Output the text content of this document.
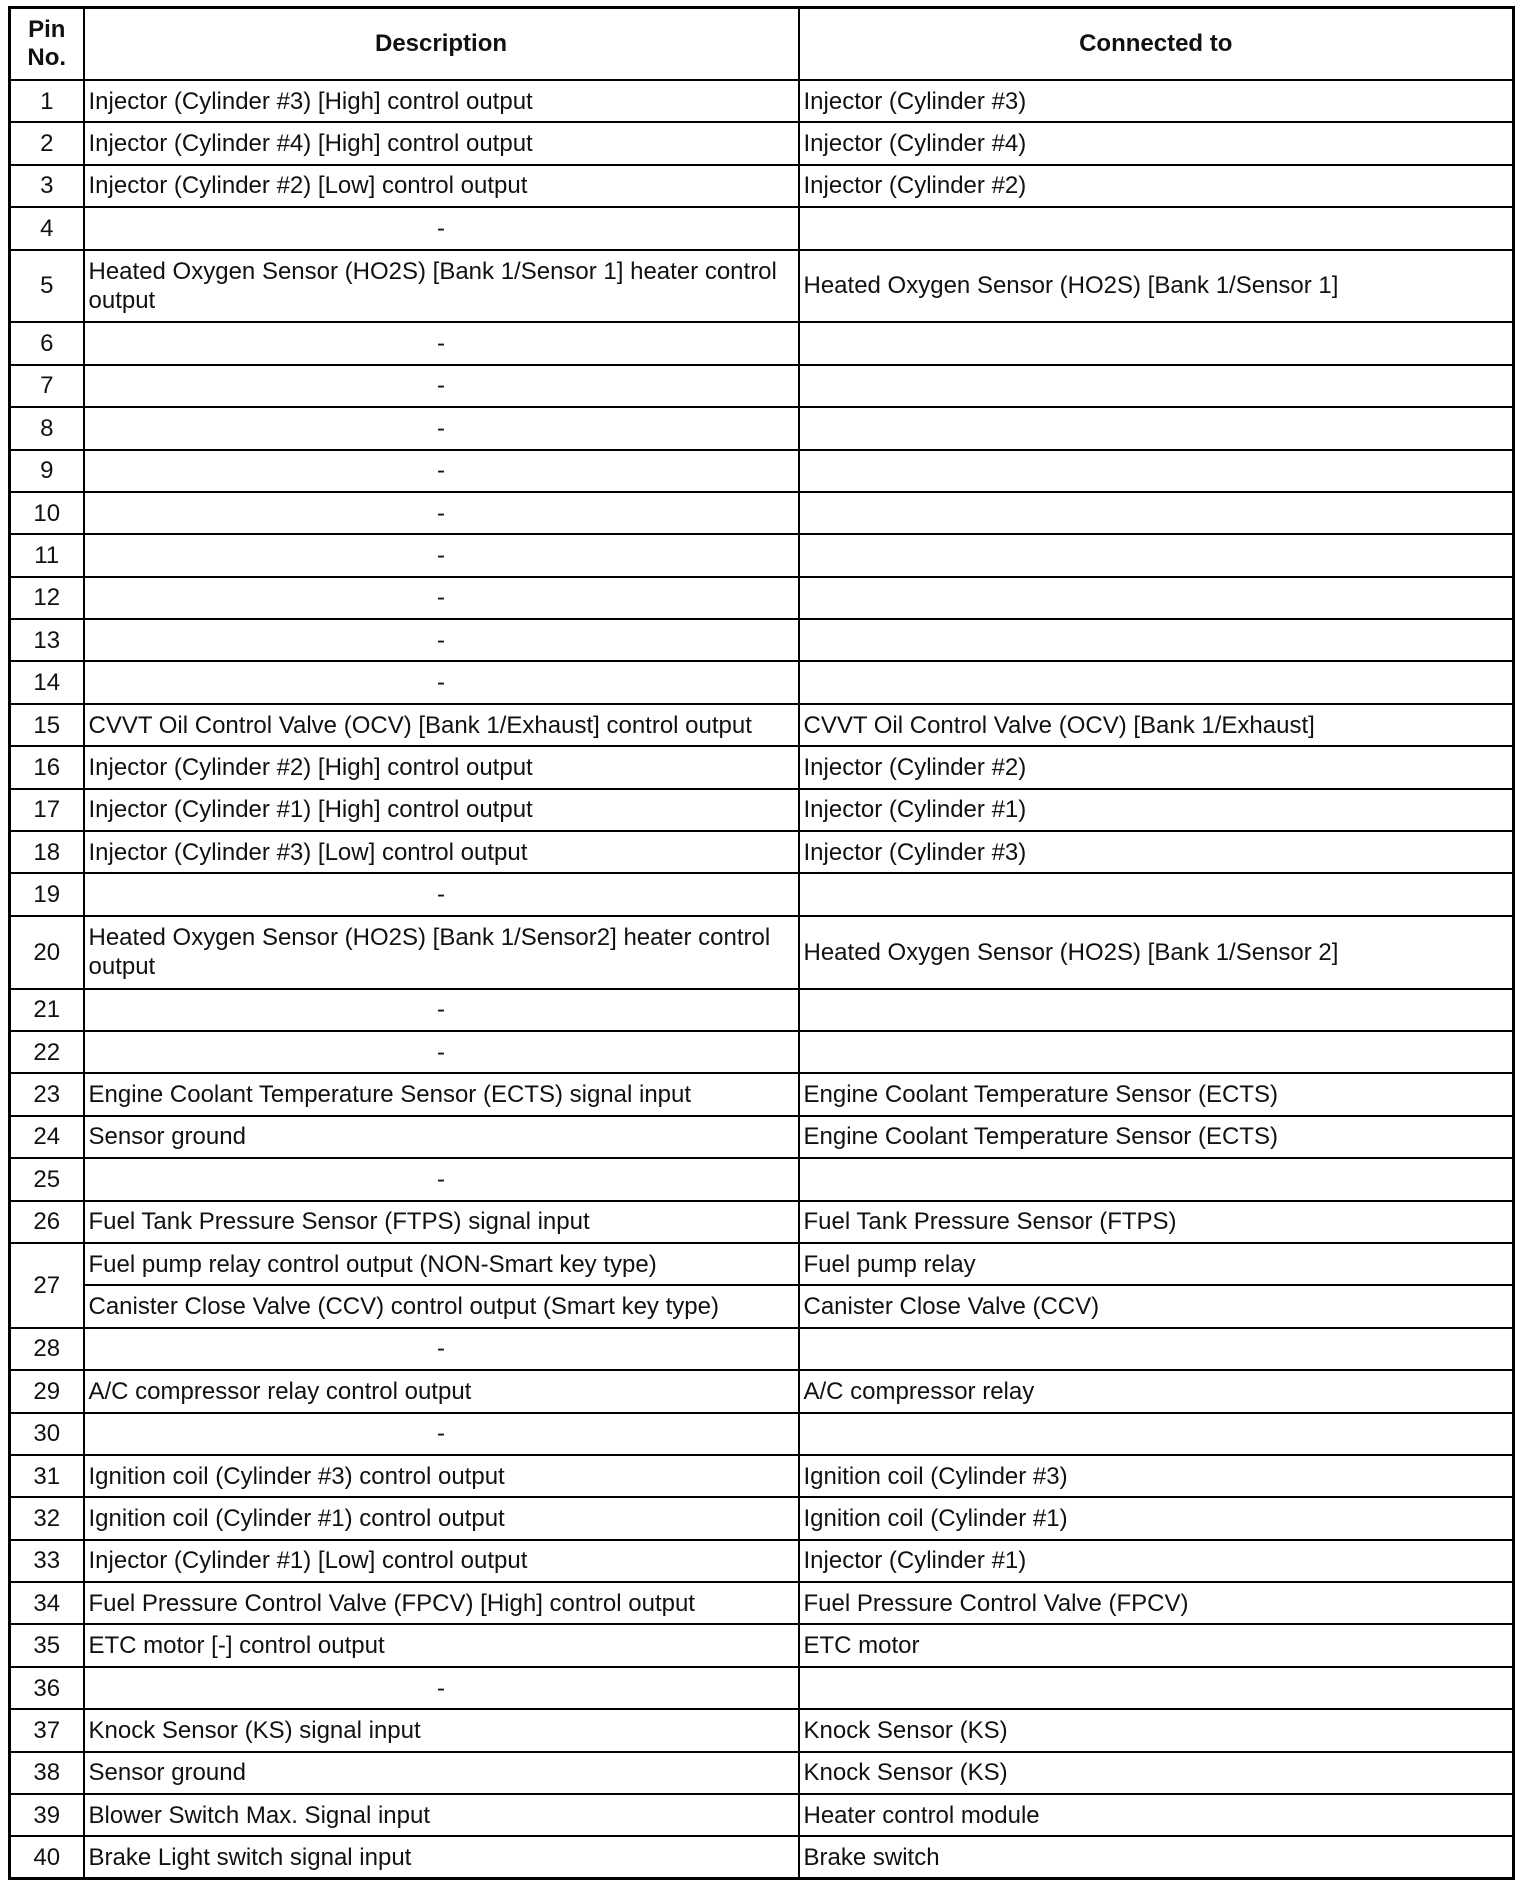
Pin
No.	Description	Connected to
1	Injector (Cylinder #3) [High] control output	Injector (Cylinder #3)
2	Injector (Cylinder #4) [High] control output	Injector (Cylinder #4)
3	Injector (Cylinder #2) [Low] control output	Injector (Cylinder #2)
4	-	
5	Heated Oxygen Sensor (HO2S) [Bank 1/Sensor 1] heater control output	Heated Oxygen Sensor (HO2S) [Bank 1/Sensor 1]
6	-	
7	-	
8	-	
9	-	
10	-	
11	-	
12	-	
13	-	
14	-	
15	CVVT Oil Control Valve (OCV) [Bank 1/Exhaust] control output	CVVT Oil Control Valve (OCV) [Bank 1/Exhaust]
16	Injector (Cylinder #2) [High] control output	Injector (Cylinder #2)
17	Injector (Cylinder #1) [High] control output	Injector (Cylinder #1)
18	Injector (Cylinder #3) [Low] control output	Injector (Cylinder #3)
19	-	
20	Heated Oxygen Sensor (HO2S) [Bank 1/Sensor2] heater control output	Heated Oxygen Sensor (HO2S) [Bank 1/Sensor 2]
21	-	
22	-	
23	Engine Coolant Temperature Sensor (ECTS) signal input	Engine Coolant Temperature Sensor (ECTS)
24	Sensor ground	Engine Coolant Temperature Sensor (ECTS)
25	-	
26	Fuel Tank Pressure Sensor (FTPS) signal input	Fuel Tank Pressure Sensor (FTPS)
27	Fuel pump relay control output (NON-Smart key type)	Fuel pump relay
	Canister Close Valve (CCV) control output (Smart key type)	Canister Close Valve (CCV)
28	-	
29	A/C compressor relay control output	A/C compressor relay
30	-	
31	Ignition coil (Cylinder #3) control output	Ignition coil (Cylinder #3)
32	Ignition coil (Cylinder #1) control output	Ignition coil (Cylinder #1)
33	Injector (Cylinder #1) [Low] control output	Injector (Cylinder #1)
34	Fuel Pressure Control Valve (FPCV) [High] control output	Fuel Pressure Control Valve (FPCV)
35	ETC motor [-] control output	ETC motor
36	-	
37	Knock Sensor (KS) signal input	Knock Sensor (KS)
38	Sensor ground	Knock Sensor (KS)
39	Blower Switch Max. Signal input	Heater control module
40	Brake Light switch signal input	Brake switch
